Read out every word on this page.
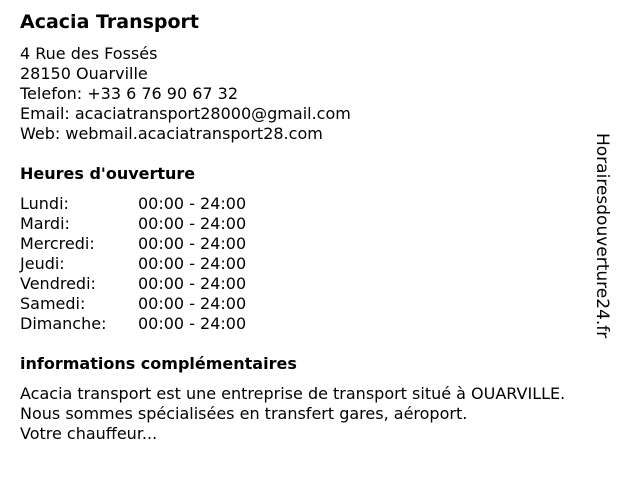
Acacia Transport
4 Rue des Fossés
28150 Ouarville
Telefon: +33 6 76 90 67 32
Email: acaciatransport28000@gmail.com
Web: webmail.acaciatransport28.com
Heures d'ouverture
Lundi:	00:00 - 24:00
Mardi:	00:00 - 24:00
Mercredi:	00:00 - 24:00
Jeudi:	00:00 - 24:00
Vendredi:	00:00 - 24:00
Samedi:	00:00 - 24:00
Dimanche: 00:00 - 24:00
informations complémentaires
Acacia transport est une entreprise de transport situé à OUARVILLE.
Nous sommes spécialisées en transfert gares, aéroport.
Votre chauffeur...
Horairesdouverture24.fr
